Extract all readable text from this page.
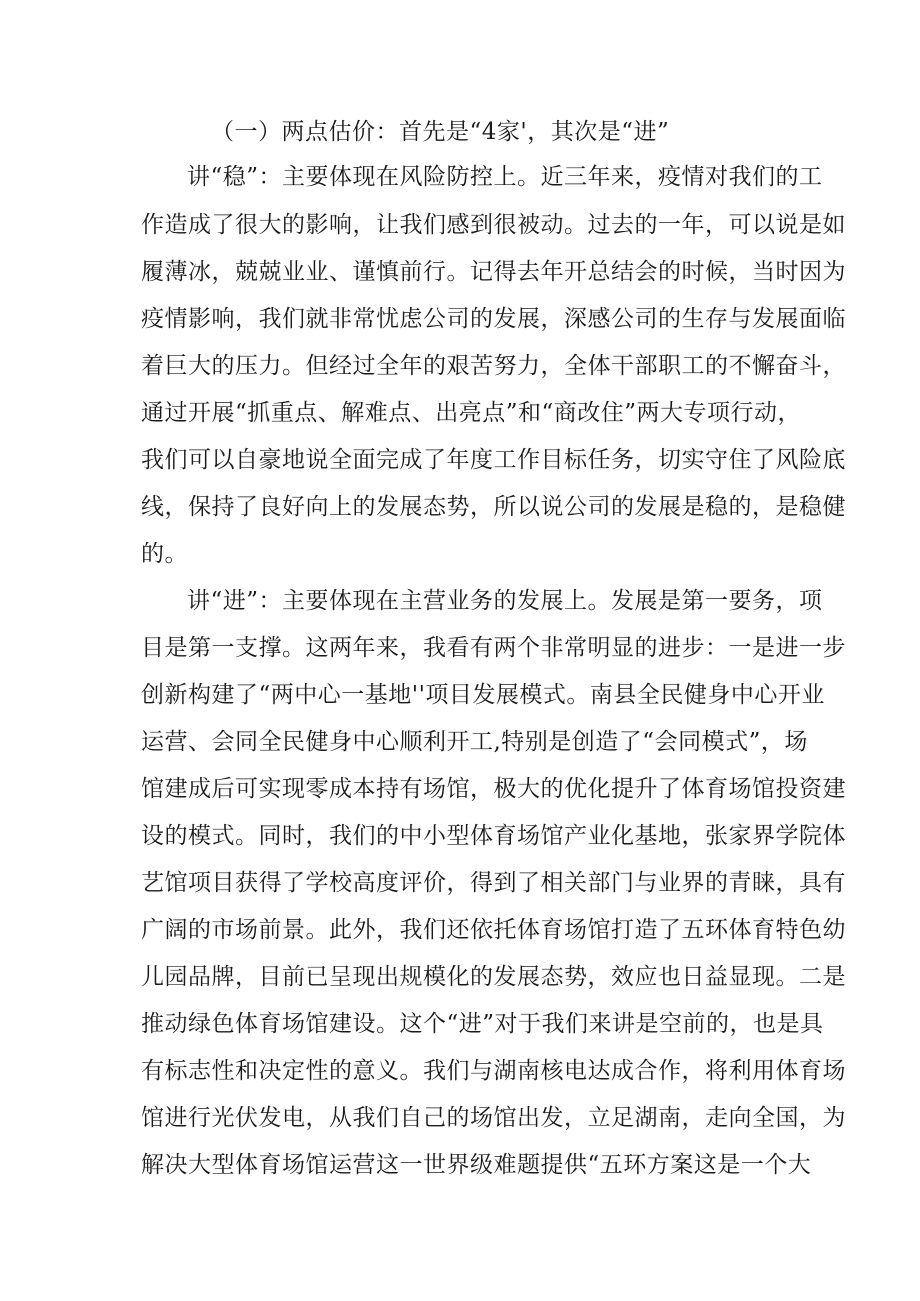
（一）两点估价：首先是“4家'，其次是“进”
讲“稳”：主要体现在风险防控上。近三年来，疫情对我们的工
作造成了很大的影响，让我们感到很被动。过去的一年，可以说是如
履薄冰，兢兢业业、谨慎前行。记得去年开总结会的时候，当时因为
疫情影响，我们就非常忧虑公司的发展，深感公司的生存与发展面临
着巨大的压力。但经过全年的艰苦努力，全体干部职工的不懈奋斗，
通过开展“抓重点、解难点、出亮点”和“商改住”两大专项行动，
我们可以自豪地说全面完成了年度工作目标任务，切实守住了风险底
线，保持了良好向上的发展态势，所以说公司的发展是稳的，是稳健
的。
讲“进”：主要体现在主营业务的发展上。发展是第一要务，项
目是第一支撑。这两年来，我看有两个非常明显的进步：一是进一步
创新构建了“两中心一基地''项目发展模式。南县全民健身中心开业
运营、会同全民健身中心顺利开工,特别是创造了“会同模式”，场
馆建成后可实现零成本持有场馆，极大的优化提升了体育场馆投资建
设的模式。同时，我们的中小型体育场馆产业化基地，张家界学院体
艺馆项目获得了学校高度评价，得到了相关部门与业界的青睐，具有
广阔的市场前景。此外，我们还依托体育场馆打造了五环体育特色幼
儿园品牌，目前已呈现出规模化的发展态势，效应也日益显现。二是
推动绿色体育场馆建设。这个“进”对于我们来讲是空前的，也是具
有标志性和决定性的意义。我们与湖南核电达成合作，将利用体育场
馆进行光伏发电，从我们自己的场馆出发，立足湖南，走向全国，为
解决大型体育场馆运营这一世界级难题提供“五环方案这是一个大
